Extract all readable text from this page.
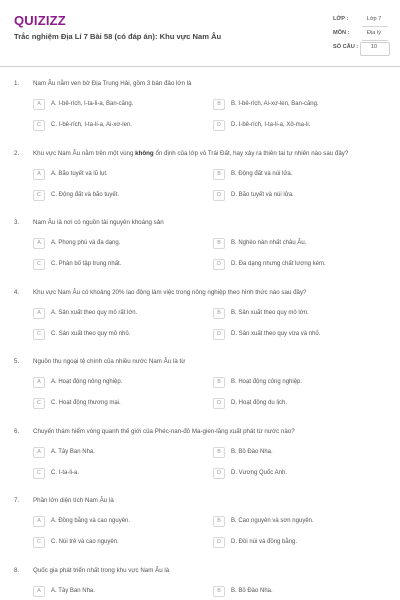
QUIZIZZ
Trắc nghiệm Địa Lí 7 Bài 58 (có đáp án): Khu vực Nam Âu
LỚP :	Lớp 7
MÔN :	Địa lý
SỐ CÂU :	10
1. Nam Âu nằm ven bờ Địa Trung Hải, gồm 3 bán đảo lớn là
A	A. I-bê-rích, I-ta-li-a, Ban-căng.	B	B. I-bê-rích, Ai-xơ-len, Ban-căng.
C	C. I-bê-rích, I-ta-li-a, Ai-xơ-len.	D	D. I-bê-rích, I-ta-li-a, Xô-ma-li.
2. Khu vực Nam Âu nằm trên một vùng không ổn định của lớp vỏ Trái Đất, hay xảy ra thiên tai tự nhiên nào sau đây?
A	A. Bão tuyết và lũ lụt.	B	B. Động đất và núi lửa.
C	C. Động đất và bão tuyết.	D	D. Bão tuyết và núi lửa.
3. Nam Âu là nơi có nguồn tài nguyên khoáng sản
A	A. Phong phú và đa dạng.	B	B. Nghèo nàn nhất châu Âu.
C	C. Phân bố tập trung nhất.	D	D. Đa dạng nhưng chất lượng kém.
4. Khu vực Nam Âu có khoảng 20% lao động làm việc trong nông nghiệp theo hình thức nào sau đây?
A	A. Sản xuất theo quy mô rất lớn.	B	B. Sản xuất theo quy mô lớn.
C	C. Sản xuất theo quy mô nhỏ.	D	D. Sản xuất theo quy vừa và nhỏ.
5. Nguồn thu ngoại tệ chính của nhiều nước Nam Âu là từ
A	A. Hoạt động nông nghiệp.	B	B. Hoạt động công nghiệp.
C	C. Hoạt động thương mại.	D	D. Hoạt động du lịch.
6. Chuyến thám hiểm vòng quanh thế giới của Phéc-nan-đô Ma-gien-lăng xuất phát từ nước nào?
A	A. Tây Ban Nha.	B	B. Bồ Đào Nha.
C	C. I-ta-li-a.	D	D. Vương Quốc Anh.
7. Phần lớn diện tích Nam Âu là
A	A. Đồng bằng và cao nguyên.	B	B. Cao nguyên và sơn nguyên.
C	C. Núi trẻ và cao nguyên.	D	D. Đồi núi và đồng bằng.
8. Quốc gia phát triển nhất trong khu vực Nam Âu là
A	A. Tây Ban Nha.	B	B. Bồ Đào Nha.
